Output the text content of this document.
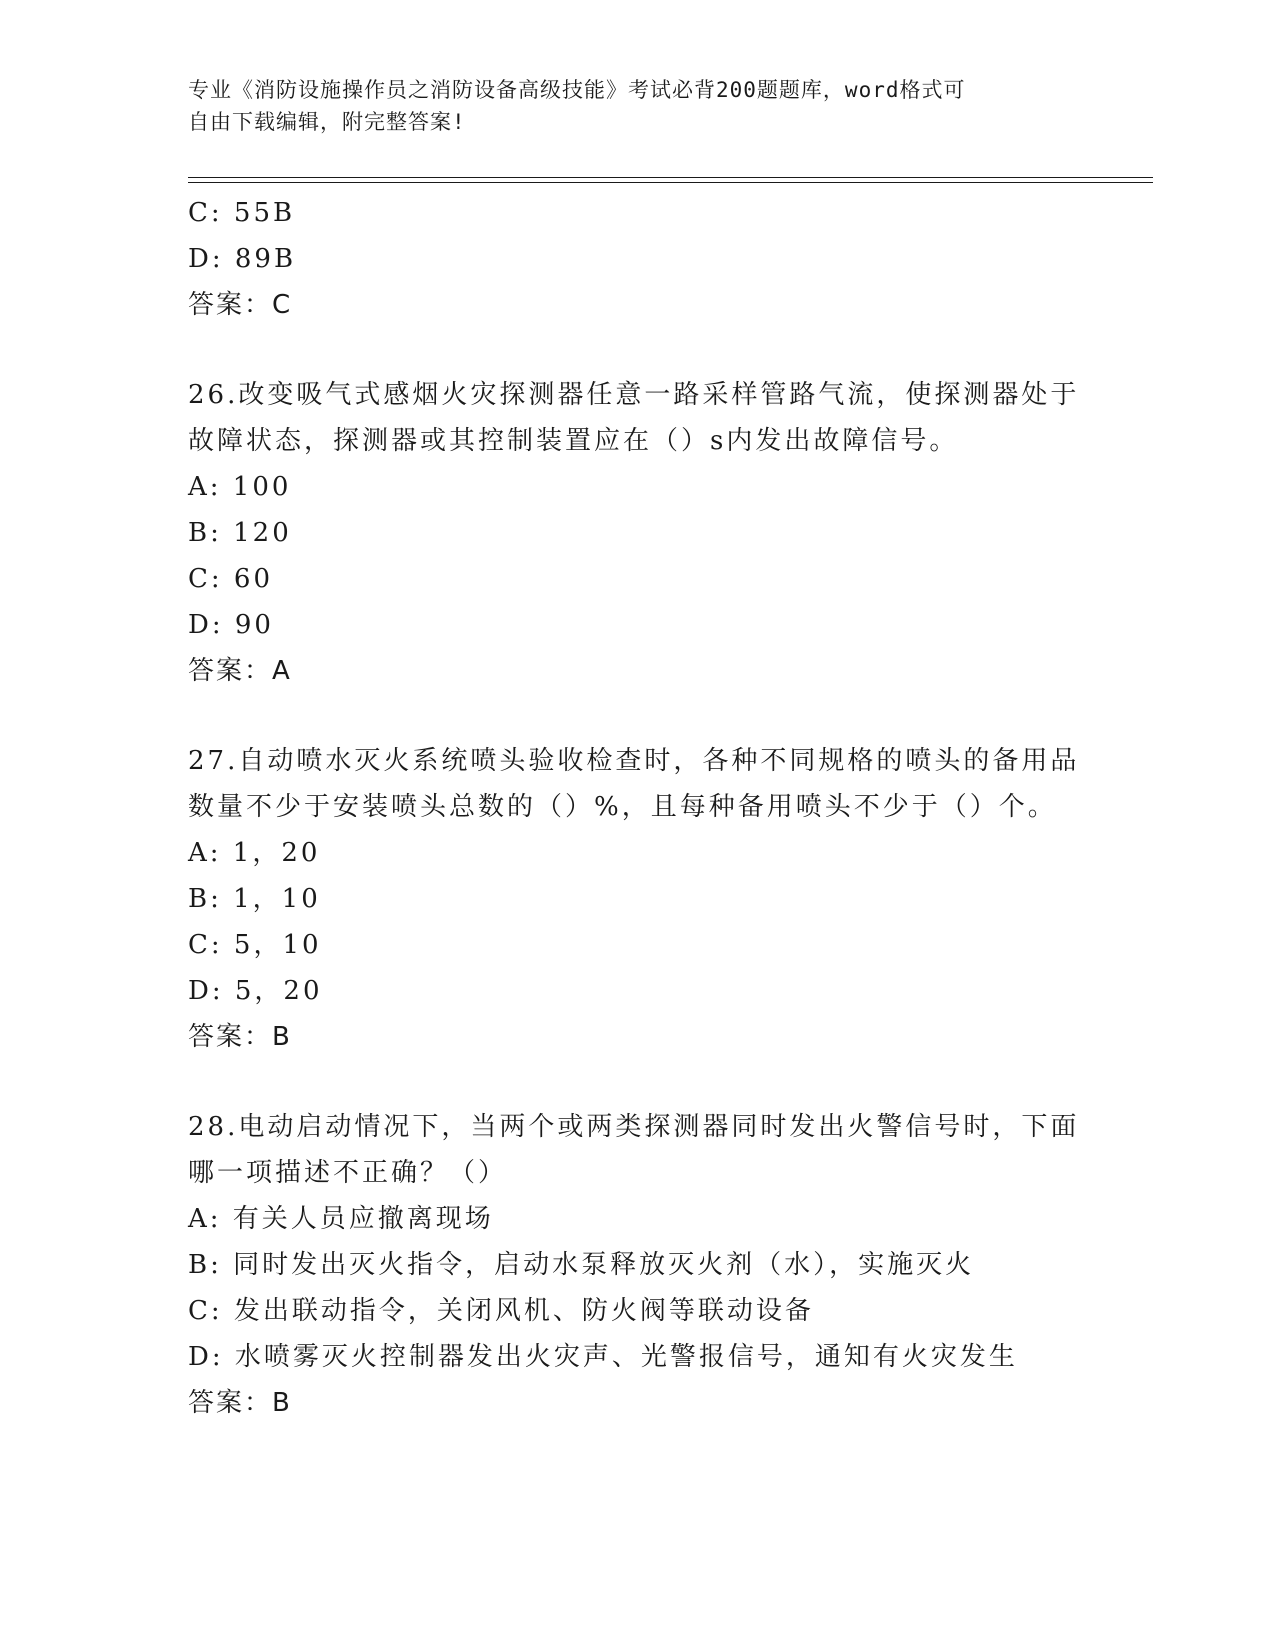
专业《消防设施操作员之消防设备高级技能》考试必背200题题库，word格式可
自由下载编辑，附完整答案!
C: 55B
D: 89B
答案：C
26.改变吸气式感烟火灾探测器任意一路采样管路气流，使探测器处于
故障状态，探测器或其控制装置应在（）s内发出故障信号。
A: 100
B: 120
C: 60
D: 90
答案：A
27.自动喷水灭火系统喷头验收检查时，各种不同规格的喷头的备用品
数量不少于安装喷头总数的（）%，且每种备用喷头不少于（）个。
A: 1，20
B: 1，10
C: 5，10
D: 5，20
答案：B
28.电动启动情况下，当两个或两类探测器同时发出火警信号时，下面
哪一项描述不正确？（）
A: 有关人员应撤离现场
B: 同时发出灭火指令，启动水泵释放灭火剂（水），实施灭火
C: 发出联动指令，关闭风机、防火阀等联动设备
D: 水喷雾灭火控制器发出火灾声、光警报信号，通知有火灾发生
答案：B
